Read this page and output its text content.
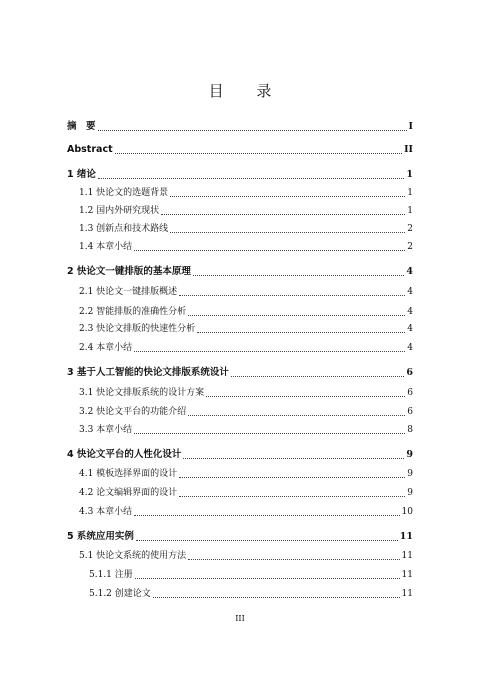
目 录
摘　要	I
Abstract	II
1 绪论	1
1.1 快论文的选题背景	1
1.2 国内外研究现状	1
1.3 创新点和技术路线	2
1.4 本章小结	2
2 快论文一键排版的基本原理	4
2.1 快论文一键排版概述	4
2.2 智能排版的准确性分析	4
2.3 快论文排版的快速性分析	4
2.4 本章小结	4
3 基于人工智能的快论文排版系统设计	6
3.1 快论文排版系统的设计方案	6
3.2 快论文平台的功能介绍	6
3.3 本章小结	8
4 快论文平台的人性化设计	9
4.1 模板选择界面的设计	9
4.2 论文编辑界面的设计	9
4.3 本章小结	10
5 系统应用实例	11
5.1 快论文系统的使用方法	11
5.1.1 注册	11
5.1.2 创建论文	11
III
